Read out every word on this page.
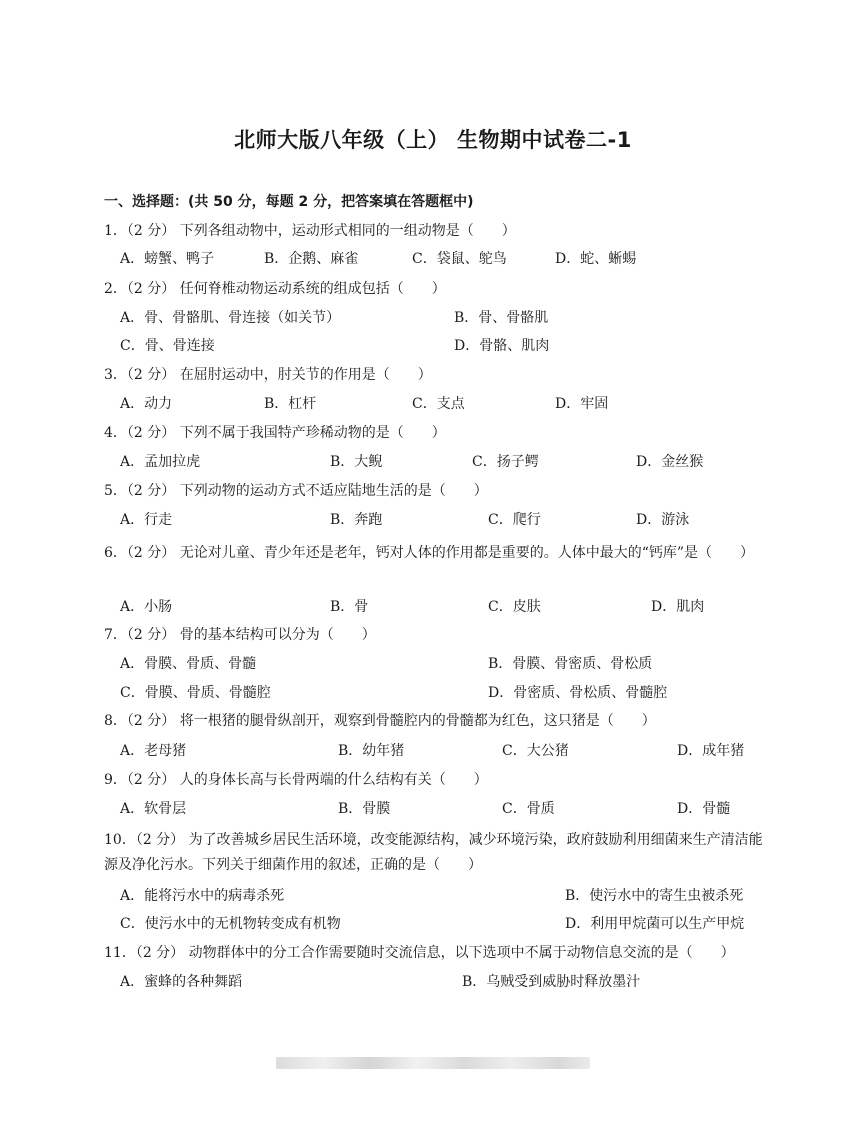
北师大版八年级（上） 生物期中试卷二-1
一、选择题：(共 50 分，每题 2 分，把答案填在答题框中)
1．（2 分） 下列各组动物中，运动形式相同的一组动物是（　　）
A．螃蟹、鸭子	B．企鹅、麻雀	C．袋鼠、鸵鸟	D．蛇、蜥蜴
2．（2 分） 任何脊椎动物运动系统的组成包括（　　）
A．骨、骨骼肌、骨连接（如关节）	B．骨、骨骼肌
C．骨、骨连接	D．骨骼、肌肉
3．（2 分） 在屈肘运动中，肘关节的作用是（　　）
A．动力	B．杠杆	C．支点	D．牢固
4．（2 分） 下列不属于我国特产珍稀动物的是（　　）
A．孟加拉虎	B．大鲵	C．扬子鳄	D．金丝猴
5．（2 分） 下列动物的运动方式不适应陆地生活的是（　　）
A．行走	B．奔跑	C．爬行	D．游泳
6．（2 分） 无论对儿童、青少年还是老年，钙对人体的作用都是重要的。人体中最大的“钙库”是（　　）
A．小肠	B．骨	C．皮肤	D．肌肉
7．（2 分） 骨的基本结构可以分为（　　）
A．骨膜、骨质、骨髓	B．骨膜、骨密质、骨松质
C．骨膜、骨质、骨髓腔	D．骨密质、骨松质、骨髓腔
8．（2 分） 将一根猪的腿骨纵剖开，观察到骨髓腔内的骨髓都为红色，这只猪是（　　）
A．老母猪	B．幼年猪	C．大公猪	D．成年猪
9．（2 分） 人的身体长高与长骨两端的什么结构有关（　　）
A．软骨层	B．骨膜	C．骨质	D．骨髓
10．（2 分） 为了改善城乡居民生活环境，改变能源结构，减少环境污染，政府鼓励利用细菌来生产清洁能源及净化污水。下列关于细菌作用的叙述，正确的是（　　）
A．能将污水中的病毒杀死	B．使污水中的寄生虫被杀死
C．使污水中的无机物转变成有机物	D．利用甲烷菌可以生产甲烷
11．（2 分） 动物群体中的分工合作需要随时交流信息，以下选项中不属于动物信息交流的是（　　）
A．蜜蜂的各种舞蹈	B．乌贼受到威胁时释放墨汁
